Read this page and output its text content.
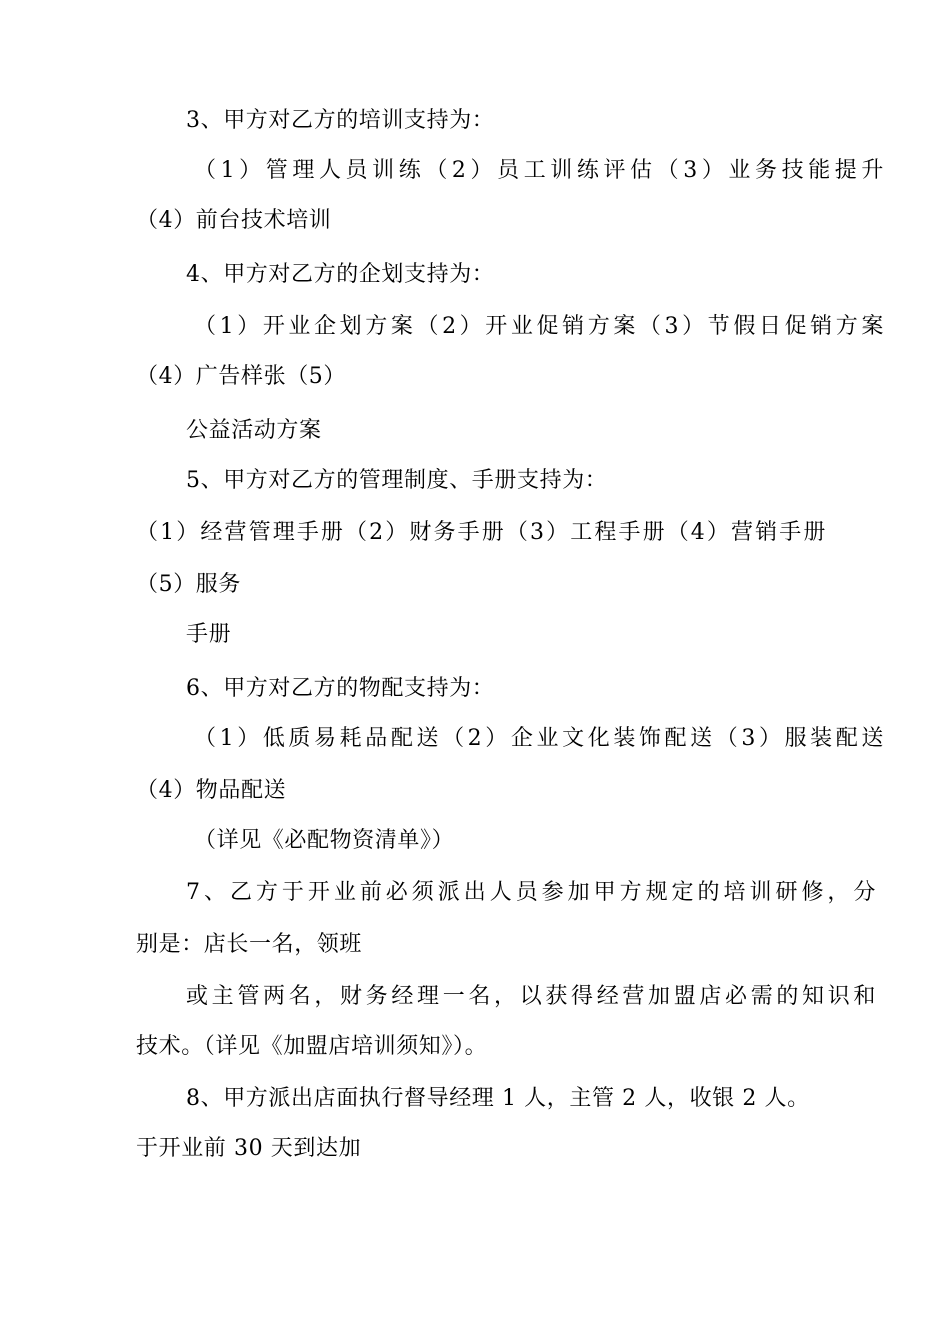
3、甲方对乙方的培训支持为：
（1）管理人员训练（2）员工训练评估（3）业务技能提升
（4）前台技术培训
4、甲方对乙方的企划支持为：
（1）开业企划方案（2）开业促销方案（3）节假日促销方案
（4）广告样张（5）
公益活动方案
5、甲方对乙方的管理制度、手册支持为：
（1）经营管理手册（2）财务手册（3）工程手册（4）营销手册
（5）服务
手册
6、甲方对乙方的物配支持为：
（1）低质易耗品配送（2）企业文化装饰配送（3）服装配送
（4）物品配送
（详见《必配物资清单》）
7、乙方于开业前必须派出人员参加甲方规定的培训研修，分
别是：店长一名，领班
或主管两名，财务经理一名，以获得经营加盟店必需的知识和
技术。（详见《加盟店培训须知》）。
8、甲方派出店面执行督导经理 1 人，主管 2 人，收银 2 人。
于开业前 30 天到达加
